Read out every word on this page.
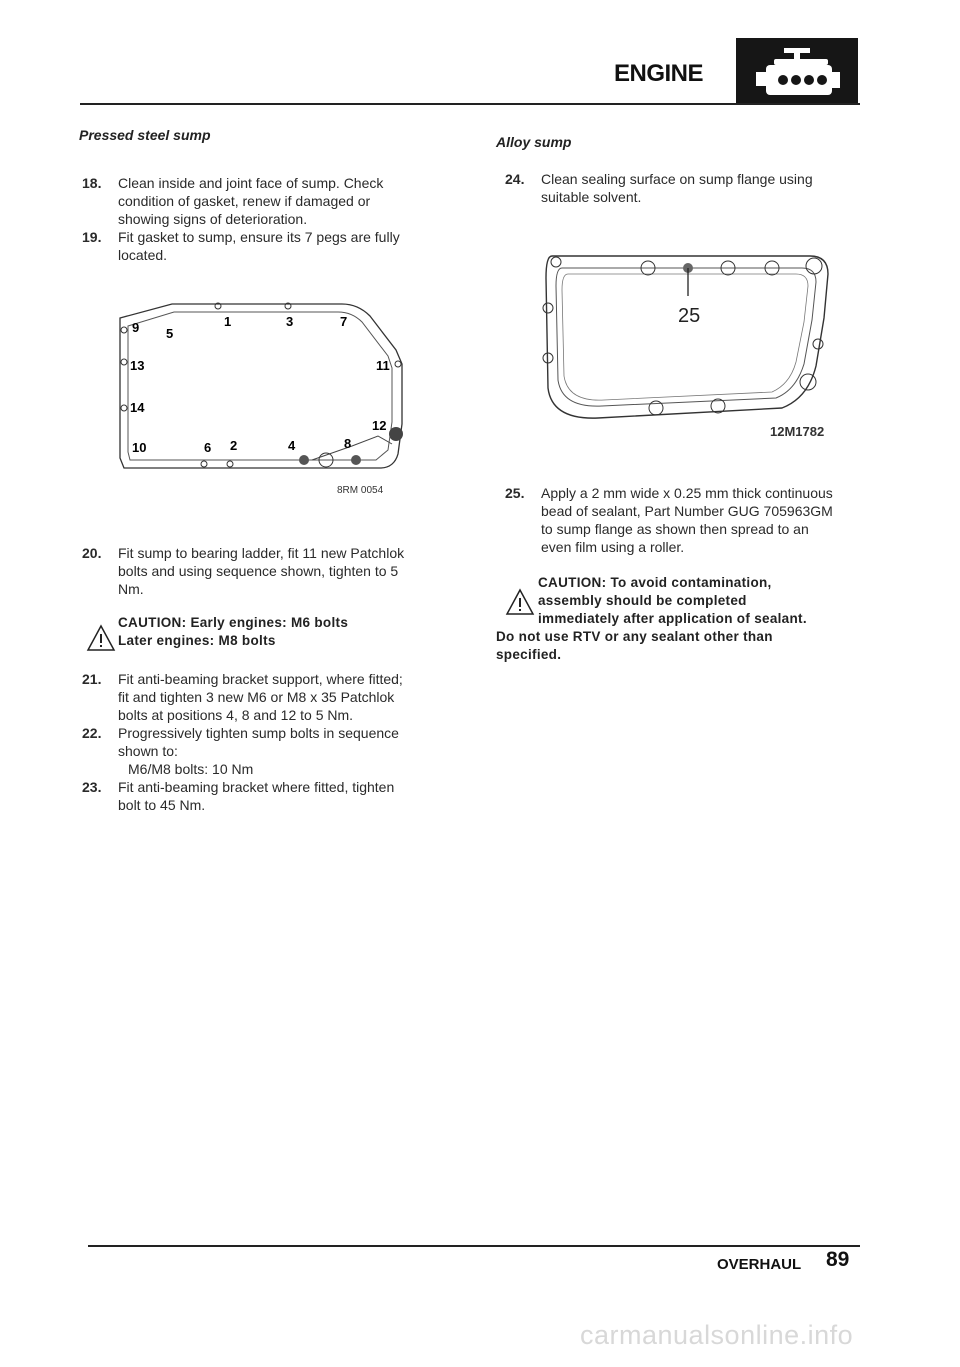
ENGINE
Pressed steel sump
18. Clean inside and joint face of sump. Check
condition of gasket, renew if damaged or
showing signs of deterioration.
19. Fit gasket to sump, ensure its 7 pegs are fully
located.
9 5
1	3	7
13	11
14
12
10	6 2	4	8
8RM 0054
20. Fit sump to bearing ladder, fit 11 new Patchlok
bolts and using sequence shown, tighten to 5
Nm.
CAUTION: Early engines: M6 bolts
Later engines: M8 bolts
21. Fit anti-beaming bracket support, where fitted;
fit and tighten 3 new M6 or M8 x 35 Patchlok
bolts at positions 4, 8 and 12 to 5 Nm.
22. Progressively tighten sump bolts in sequence
shown to:
M6/M8 bolts: 10 Nm
23. Fit anti-beaming bracket where fitted, tighten
bolt to 45 Nm.
Alloy sump
24. Clean sealing surface on sump flange using
suitable solvent.
25
12M1782
25. Apply a 2 mm wide x 0.25 mm thick continuous
bead of sealant, Part Number GUG 705963GM
to sump flange as shown then spread to an
even film using a roller.
CAUTION: To avoid contamination,
assembly should be completed
immediately after application of sealant.
Do not use RTV or any sealant other than
specified.
OVERHAUL 89
carmanualsonline.info
